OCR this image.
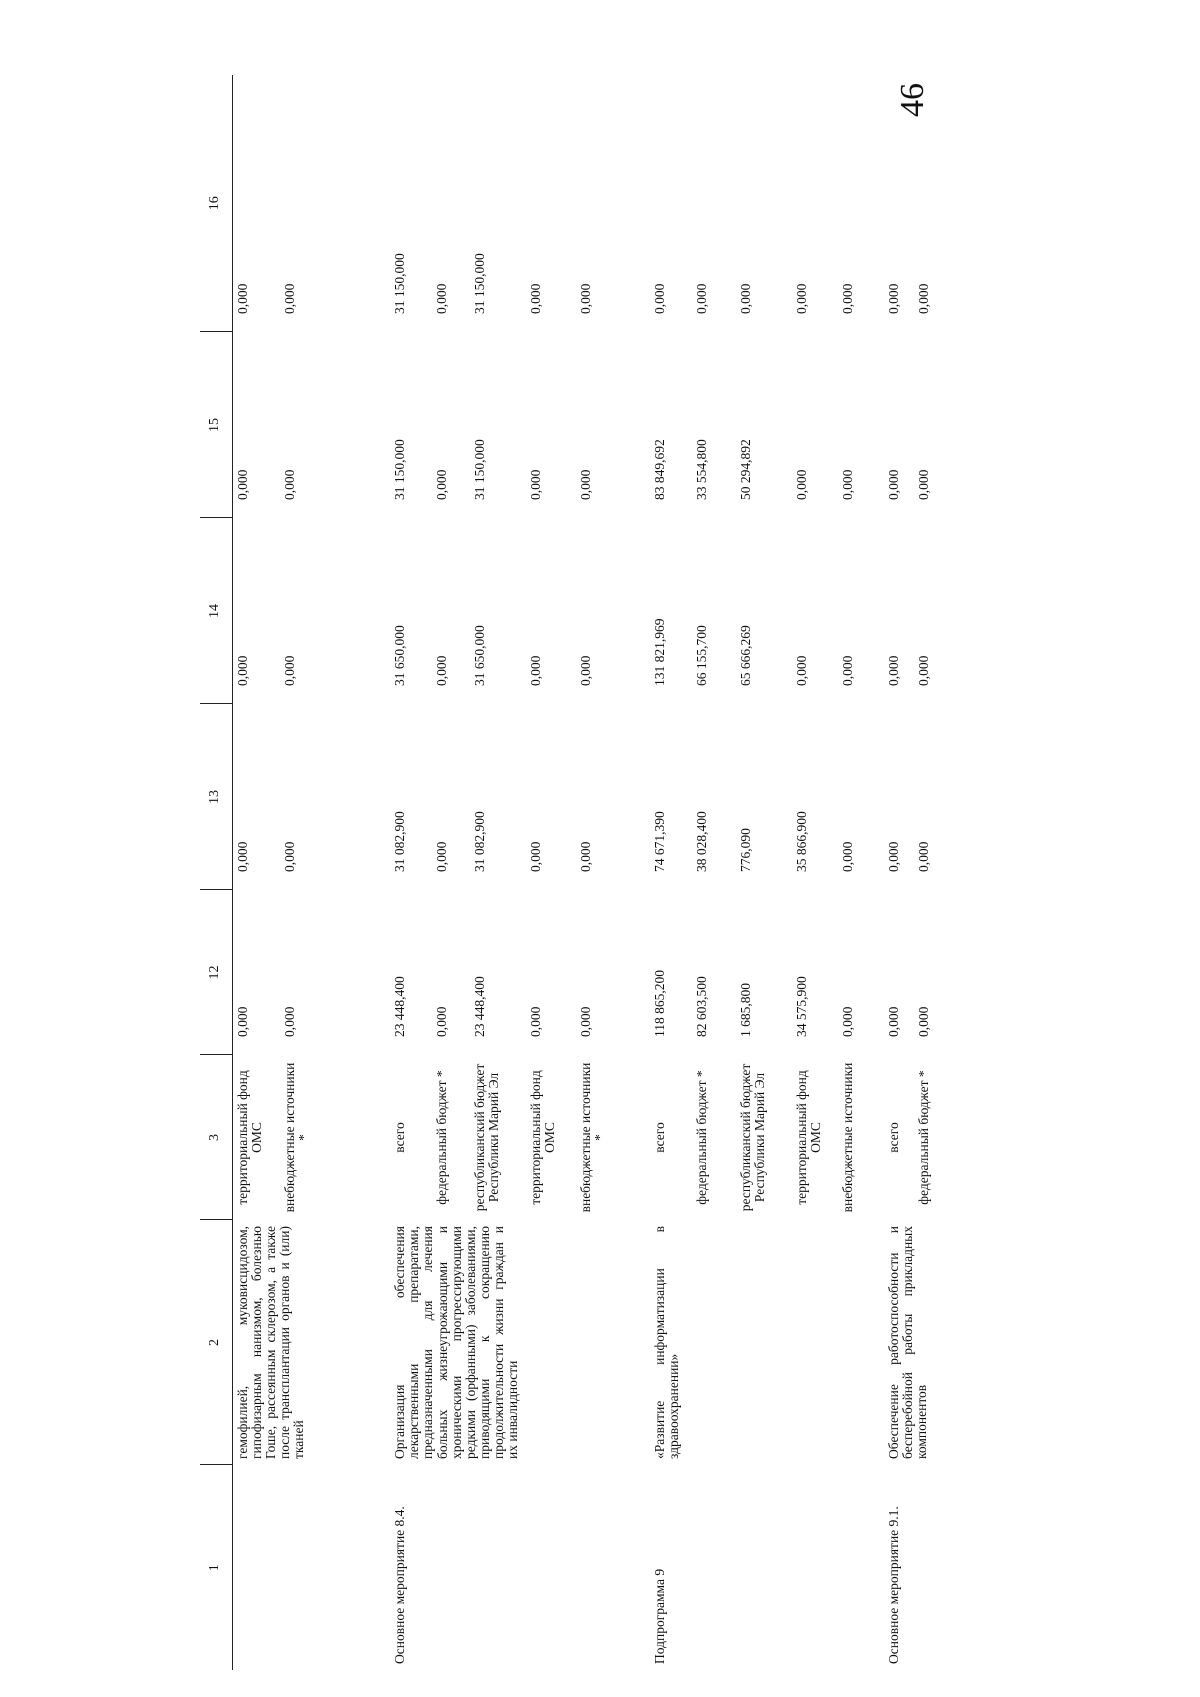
46
1	2	3	12	13	14	15	16
	гемофилией, муковисцидозом, гипофизарным нанизмом, болезнью Гоше, рассеянным склерозом, а также после трансплантации органов и (или) тканей	территориальный фонд ОМС	0,000	0,000	0,000	0,000	0,000
		внебюджетные источники *	0,000	0,000	0,000	0,000	0,000
Основное мероприятие 8.4.	Организация обеспечения лекарственными препаратами, предназначенными для лечения больных жизнеугрожающими и хроническими прогрессирующими редкими (орфанными) заболеваниями, приводящими к сокращению продолжительности жизни граждан и их инвалидности	всего	23 448,400	31 082,900	31 650,000	31 150,000	31 150,000
		федеральный бюджет *	0,000	0,000	0,000	0,000	0,000
		республиканский бюджет Республики Марий Эл	23 448,400	31 082,900	31 650,000	31 150,000	31 150,000
		территориальный фонд ОМС	0,000	0,000	0,000	0,000	0,000
		внебюджетные источники *	0,000	0,000	0,000	0,000	0,000
Подпрограмма 9	«Развитие информатизации в здравоохранении»	всего	118 865,200	74 671,390	131 821,969	83 849,692	0,000
		федеральный бюджет *	82 603,500	38 028,400	66 155,700	33 554,800	0,000
		республиканский бюджет Республики Марий Эл	1 685,800	776,090	65 666,269	50 294,892	0,000
		территориальный фонд ОМС	34 575,900	35 866,900	0,000	0,000	0,000
		внебюджетные источники	0,000	0,000	0,000	0,000	0,000
Основное мероприятие 9.1.	Обеспечение работоспособности и бесперебойной работы прикладных компонентов	всего	0,000	0,000	0,000	0,000	0,000
		федеральный бюджет *	0,000	0,000	0,000	0,000	0,000
